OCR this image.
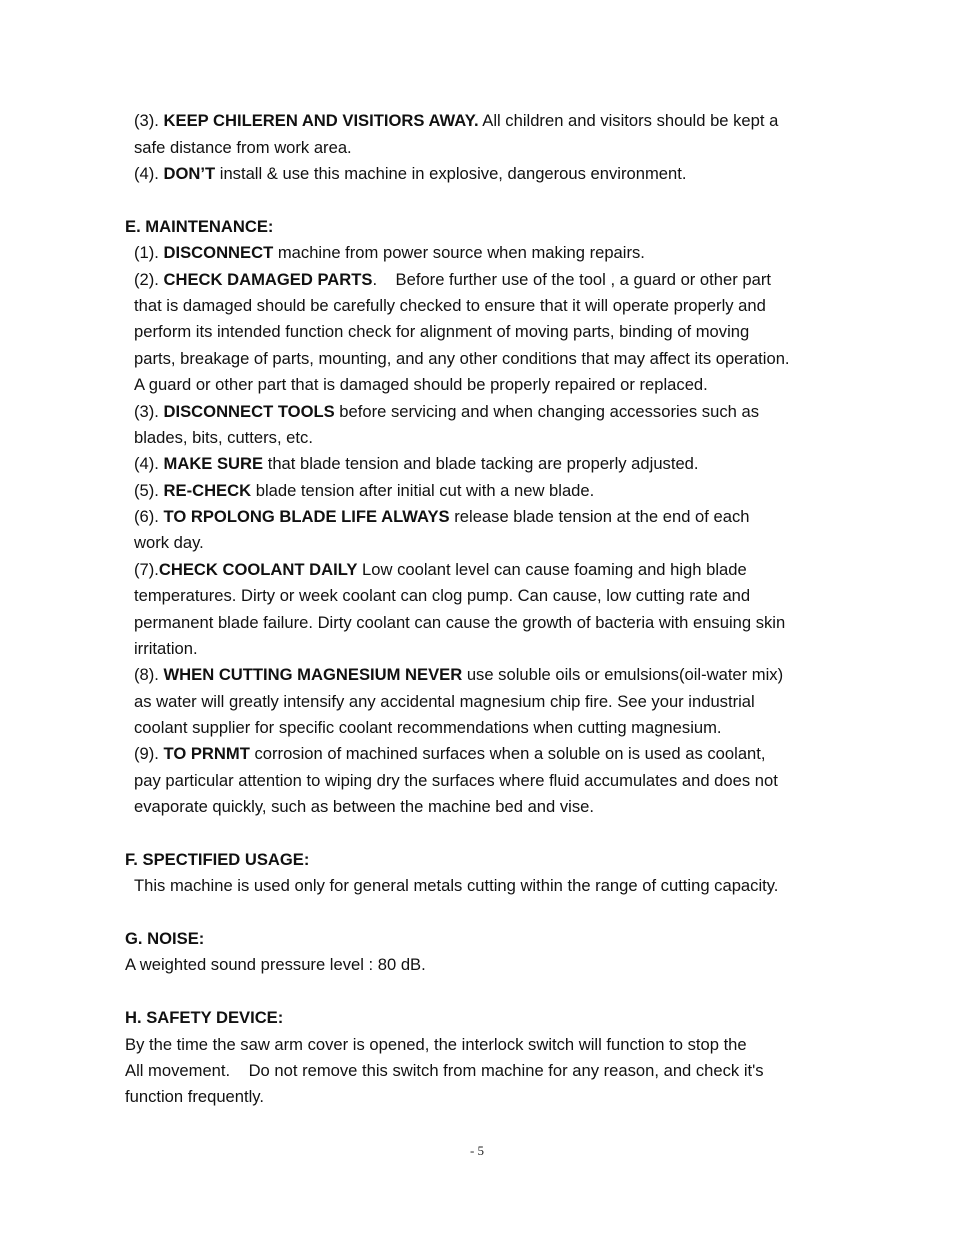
(3). KEEP CHILEREN AND VISITIORS AWAY. All children and visitors should be kept a
safe distance from work area.
(4). DON’T install & use this machine in explosive, dangerous environment.
E. MAINTENANCE:
(1). DISCONNECT machine from power source when making repairs.
(2). CHECK DAMAGED PARTS.    Before further use of the tool , a guard or other part
that is damaged should be carefully checked to ensure that it will operate properly and
perform its intended function check for alignment of moving parts, binding of moving
parts, breakage of parts, mounting, and any other conditions that may affect its operation.
A guard or other part that is damaged should be properly repaired or replaced.
(3). DISCONNECT TOOLS before servicing and when changing accessories such as
blades, bits, cutters, etc.
(4). MAKE SURE that blade tension and blade tacking are properly adjusted.
(5). RE-CHECK blade tension after initial cut with a new blade.
(6). TO RPOLONG BLADE LIFE ALWAYS release blade tension at the end of each
work day.
(7).CHECK COOLANT DAILY Low coolant level can cause foaming and high blade
temperatures. Dirty or week coolant can clog pump. Can cause, low cutting rate and
permanent blade failure. Dirty coolant can cause the growth of bacteria with ensuing skin
irritation.
(8). WHEN CUTTING MAGNESIUM NEVER use soluble oils or emulsions(oil-water mix)
as water will greatly intensify any accidental magnesium chip fire. See your industrial
coolant supplier for specific coolant recommendations when cutting magnesium.
(9). TO PRNMT corrosion of machined surfaces when a soluble on is used as coolant,
pay particular attention to wiping dry the surfaces where fluid accumulates and does not
evaporate quickly, such as between the machine bed and vise.
F. SPECTIFIED USAGE:
This machine is used only for general metals cutting within the range of cutting capacity.
G. NOISE:
A weighted sound pressure level : 80 dB.
H. SAFETY DEVICE:
By the time the saw arm cover is opened, the interlock switch will function to stop the
All movement.    Do not remove this switch from machine for any reason, and check it's
function frequently.
- 5
